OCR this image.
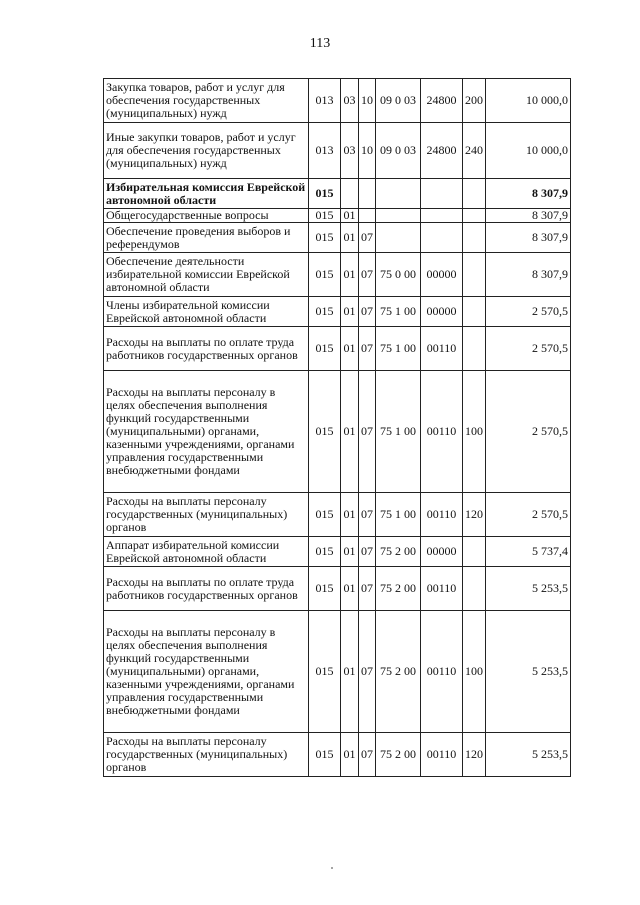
113
Закупка товаров, работ и услуг для обеспечения государственных (муниципальных) нужд	013	03	10	09 0 03	24800	200	10 000,0
Иные закупки товаров, работ и услуг для обеспечения государственных (муниципальных) нужд	013	03	10	09 0 03	24800	240	10 000,0
Избирательная комиссия Еврейской автономной области	015						8 307,9
Общегосударственные вопросы	015	01					8 307,9
Обеспечение проведения выборов и референдумов	015	01	07				8 307,9
Обеспечение деятельности избирательной комиссии Еврейской автономной области	015	01	07	75 0 00	00000		8 307,9
Члены избирательной комиссии Еврейской автономной области	015	01	07	75 1 00	00000		2 570,5
Расходы на выплаты по оплате труда работников государственных органов	015	01	07	75 1 00	00110		2 570,5
Расходы на выплаты персоналу в целях обеспечения выполнения функций государственными (муниципальными) органами, казенными учреждениями, органами управления государственными внебюджетными фондами	015	01	07	75 1 00	00110	100	2 570,5
Расходы на выплаты персоналу государственных (муниципальных) органов	015	01	07	75 1 00	00110	120	2 570,5
Аппарат избирательной комиссии Еврейской автономной области	015	01	07	75 2 00	00000		5 737,4
Расходы на выплаты по оплате труда работников государственных органов	015	01	07	75 2 00	00110		5 253,5
Расходы на выплаты персоналу в целях обеспечения выполнения функций государственными (муниципальными) органами, казенными учреждениями, органами управления государственными внебюджетными фондами	015	01	07	75 2 00	00110	100	5 253,5
Расходы на выплаты персоналу государственных (муниципальных) органов	015	01	07	75 2 00	00110	120	5 253,5
